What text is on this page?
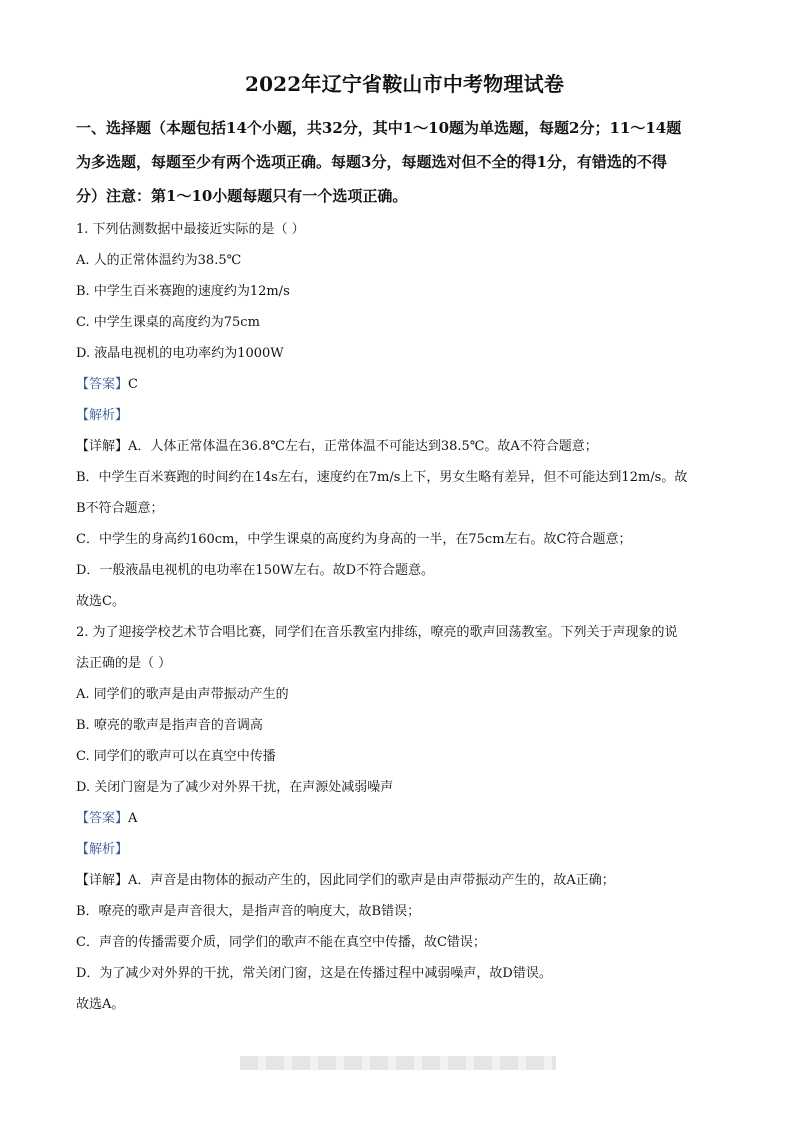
2022年辽宁省鞍山市中考物理试卷

一、选择题（本题包括14个小题，共32分，其中1～10题为单选题，每题2分；11～14题

为多选题，每题至少有两个选项正确。每题3分，每题选对但不全的得1分，有错选的不得

分）注意：第1～10小题每题只有一个选项正确。

1. 下列估测数据中最接近实际的是（ ）

A. 人的正常体温约为38.5℃

B. 中学生百米赛跑的速度约为12m/s

C. 中学生课桌的高度约为75cm

D. 液晶电视机的电功率约为1000W

【答案】C

【解析】

【详解】A．人体正常体温在36.8℃左右，正常体温不可能达到38.5℃。故A不符合题意；

B．中学生百米赛跑的时间约在14s左右，速度约在7m/s上下，男女生略有差异，但不可能达到12m/s。故

B不符合题意；

C．中学生的身高约160cm，中学生课桌的高度约为身高的一半，在75cm左右。故C符合题意；

D．一般液晶电视机的电功率在150W左右。故D不符合题意。

故选C。

2. 为了迎接学校艺术节合唱比赛，同学们在音乐教室内排练，嘹亮的歌声回荡教室。下列关于声现象的说

法正确的是（ ）

A. 同学们的歌声是由声带振动产生的

B. 嘹亮的歌声是指声音的音调高

C. 同学们的歌声可以在真空中传播

D. 关闭门窗是为了减少对外界干扰，在声源处减弱噪声

【答案】A

【解析】

【详解】A．声音是由物体的振动产生的，因此同学们的歌声是由声带振动产生的，故A正确；

B．嘹亮的歌声是声音很大，是指声音的响度大，故B错误；

C．声音的传播需要介质，同学们的歌声不能在真空中传播，故C错误；

D．为了减少对外界的干扰，常关闭门窗，这是在传播过程中减弱噪声，故D错误。

故选A。
